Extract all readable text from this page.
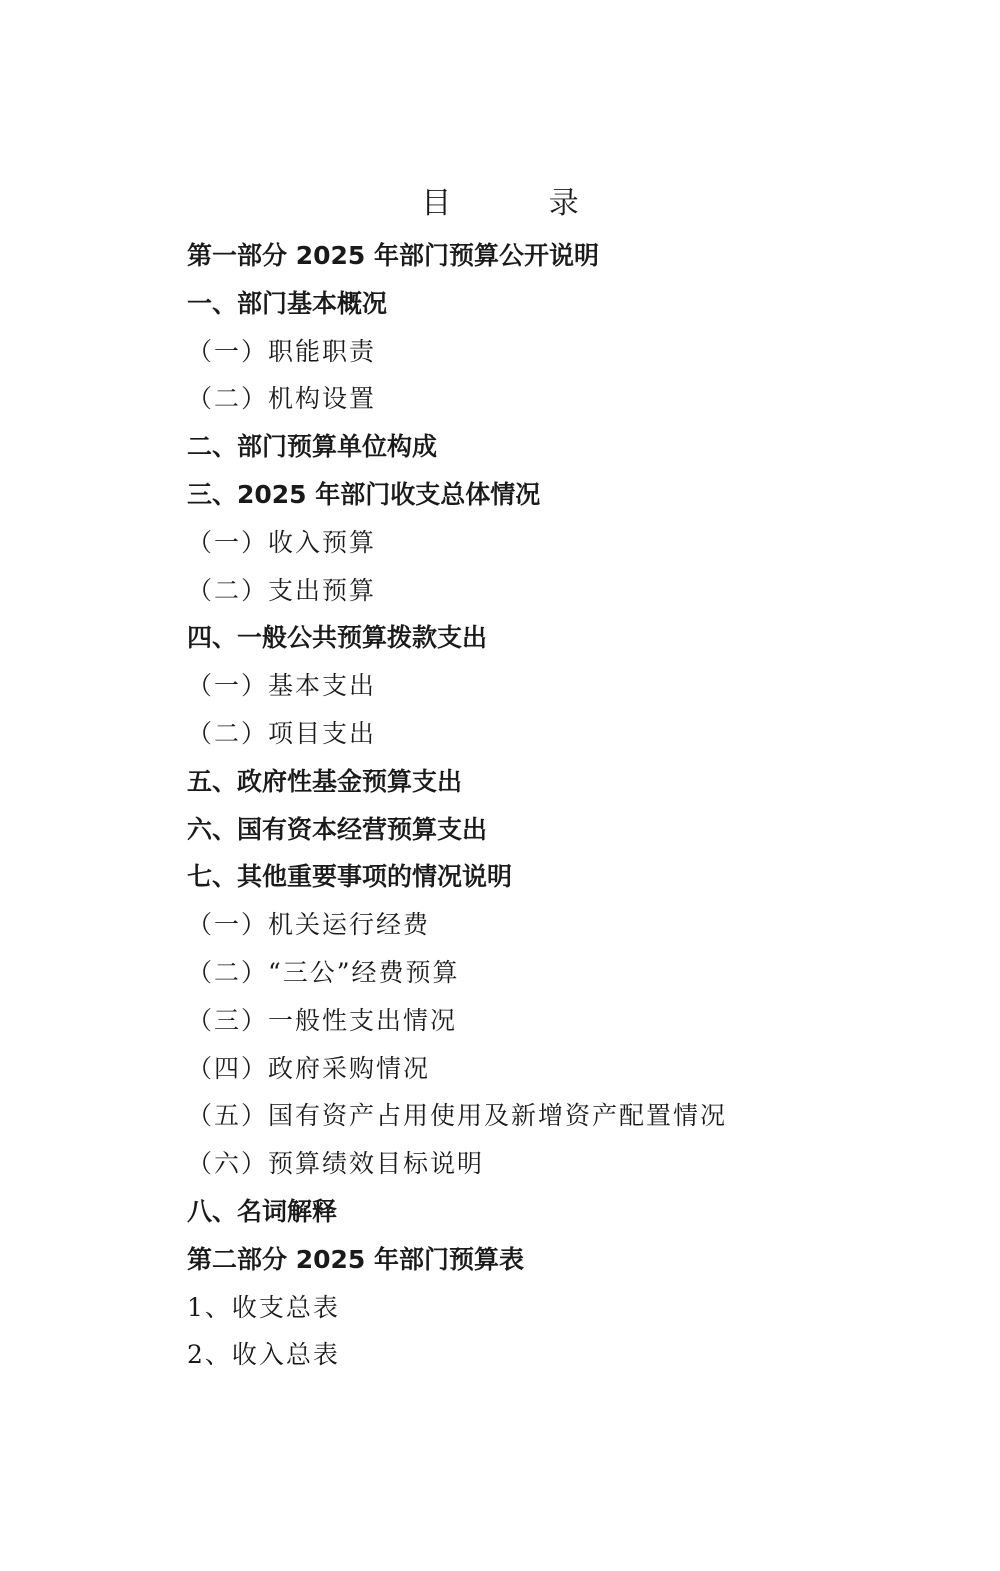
目 录
第一部分 2025 年部门预算公开说明
一、部门基本概况
（一）职能职责
（二）机构设置
二、部门预算单位构成
三、2025 年部门收支总体情况
（一）收入预算
（二）支出预算
四、一般公共预算拨款支出
（一）基本支出
（二）项目支出
五、政府性基金预算支出
六、国有资本经营预算支出
七、其他重要事项的情况说明
（一）机关运行经费
（二）“三公”经费预算
（三）一般性支出情况
（四）政府采购情况
（五）国有资产占用使用及新增资产配置情况
（六）预算绩效目标说明
八、名词解释
第二部分 2025 年部门预算表
1、收支总表
2、收入总表
